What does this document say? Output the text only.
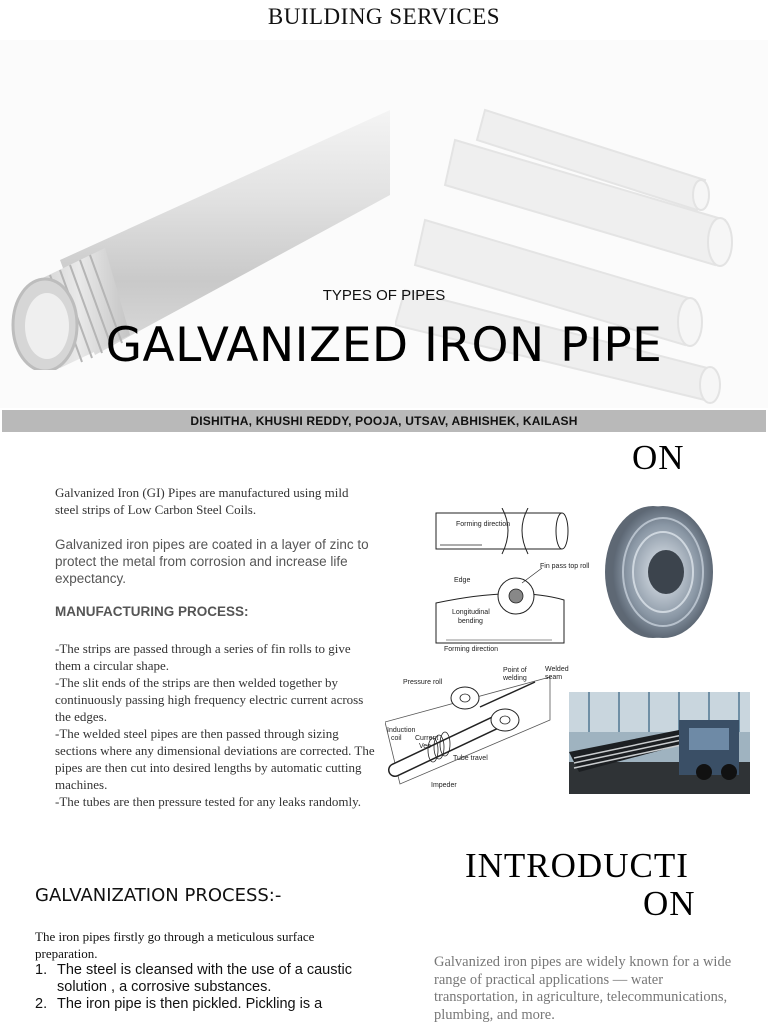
BUILDING SERVICES
TYPES OF PIPES
GALVANIZED IRON PIPE
DISHITHA, KHUSHI REDDY, POOJA, UTSAV, ABHISHEK, KAILASH
ON
Galvanized Iron (GI) Pipes are manufactured using mild steel strips of Low Carbon Steel Coils.
Galvanized iron pipes are coated in a layer of zinc to protect the metal from corrosion and increase life expectancy.
MANUFACTURING PROCESS:
-The strips are passed through a series of fin rolls to give them a circular shape.
-The slit ends of the strips are then welded together by continuously passing high frequency electric current across the edges.
-The welded steel pipes are then passed through sizing sections where any dimensional deviations are corrected. The pipes are then cut into desired lengths by automatic cutting machines.
-The tubes are then pressure tested for any leaks randomly.
Forming direction
Fin pass top roll
Edge
Longitudinal
bending
Forming direction
Pressure roll
Point of
welding
Welded
seam
Current
Vee
Tube travel
Induction
coil
Impeder
INTRODUCTI
ON
GALVANIZATION PROCESS:-
The iron pipes firstly go through a meticulous surface preparation.
1. The steel is cleansed with the use of a caustic
solution , a corrosive substances.
2. The iron pipe is then pickled. Pickling is a
Galvanized iron pipes are widely known for a wide range of practical applications — water transportation, in agriculture, telecommunications, plumbing, and more.
